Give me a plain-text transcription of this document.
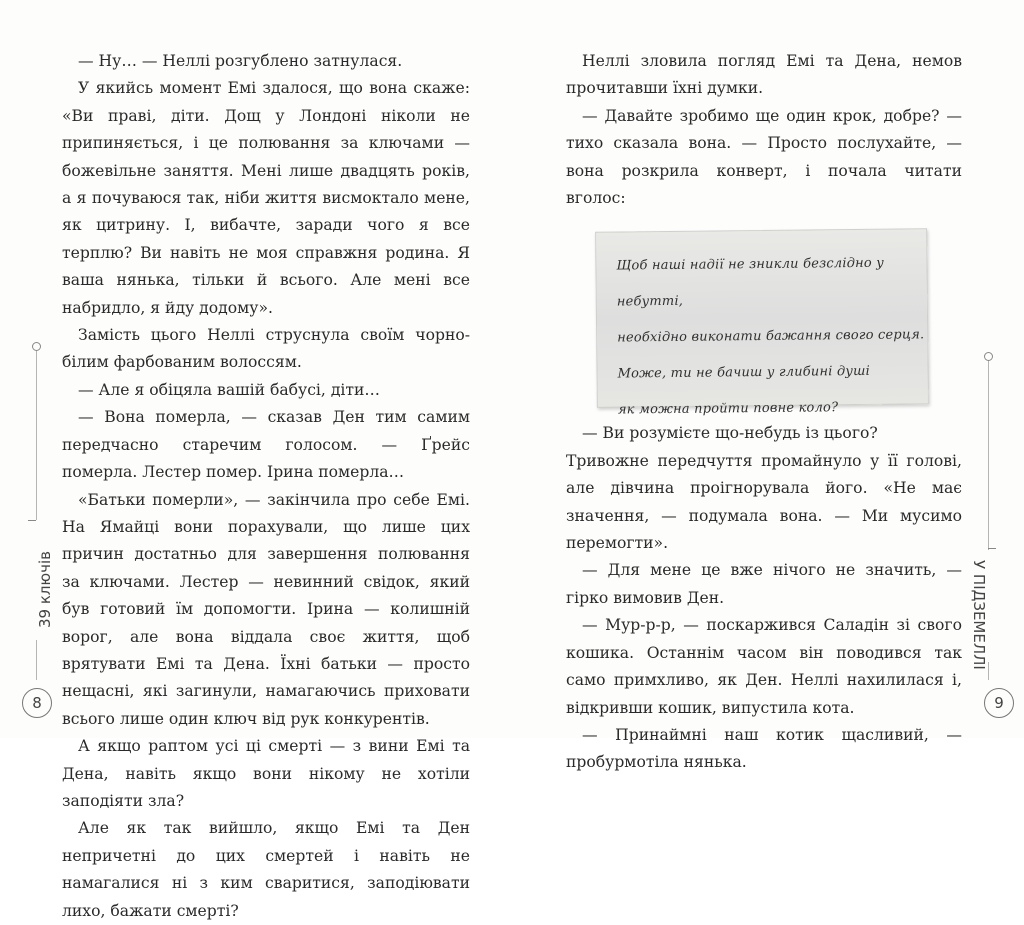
39 ключів
8

— Ну… — Неллі розгублено затнулася.

У якийсь момент Емі здалося, що вона скаже: «Ви праві, діти. Дощ у Лондоні ніколи не припиняється, і це полювання за ключами — божевільне заняття. Мені лише двадцять років, а я почуваюся так, ніби життя висмоктало мене, як цитрину. І, вибачте, заради чого я все терплю? Ви навіть не моя справжня родина. Я ваша нянька, тільки й всього. Але мені все набридло, я йду додому».

Замість цього Неллі струснула своїм чорно-білим фарбованим волоссям.

— Але я обіцяла вашій бабусі, діти…

— Вона померла, — сказав Ден тим самим передчасно старечим голосом. — Ґрейс померла. Лестер помер. Ірина померла…

«Батьки померли», — закінчила про себе Емі. На Ямайці вони порахували, що лише цих причин достатньо для завершення полювання за ключами. Лестер — невинний свідок, який був готовий їм допомогти. Ірина — колишній ворог, але вона віддала своє життя, щоб врятувати Емі та Дена. Їхні батьки — просто нещасні, які загинули, намагаючись приховати всього лише один ключ від рук конкурентів.

А якщо раптом усі ці смерті — з вини Емі та Дена, навіть якщо вони нікому не хотіли заподіяти зла?

Але як так вийшло, якщо Емі та Ден непричетні до цих смертей і навіть не намагалися ні з ким сваритися, заподіювати лихо, бажати смерті?

9
У ПІДЗЕМЕЛЛІ

Неллі зловила погляд Емі та Дена, немов прочитавши їхні думки.

— Давайте зробимо ще один крок, добре? — тихо сказала вона. — Просто послухайте, — вона розкрила конверт, і почала читати вголос:

Щоб наші надії не зникли безслідно у небутті,
необхідно виконати бажання свого серця.
Може, ти не бачиш у глибині душі
як можна пройти повне коло?

— Ви розумієте що-небудь із цього?

Тривожне передчуття промайнуло у її голові, але дівчина проігнорувала його. «Не має значення, — подумала вона. — Ми мусимо перемогти».

— Для мене це вже нічого не значить, — гірко вимовив Ден.

— Мур-р-р, — поскаржився Саладін зі свого кошика. Останнім часом він поводився так само примхливо, як Ден. Неллі нахилилася і, відкривши кошик, випустила кота.

— Принаймні наш котик щасливий, — пробурмотіла нянька.
